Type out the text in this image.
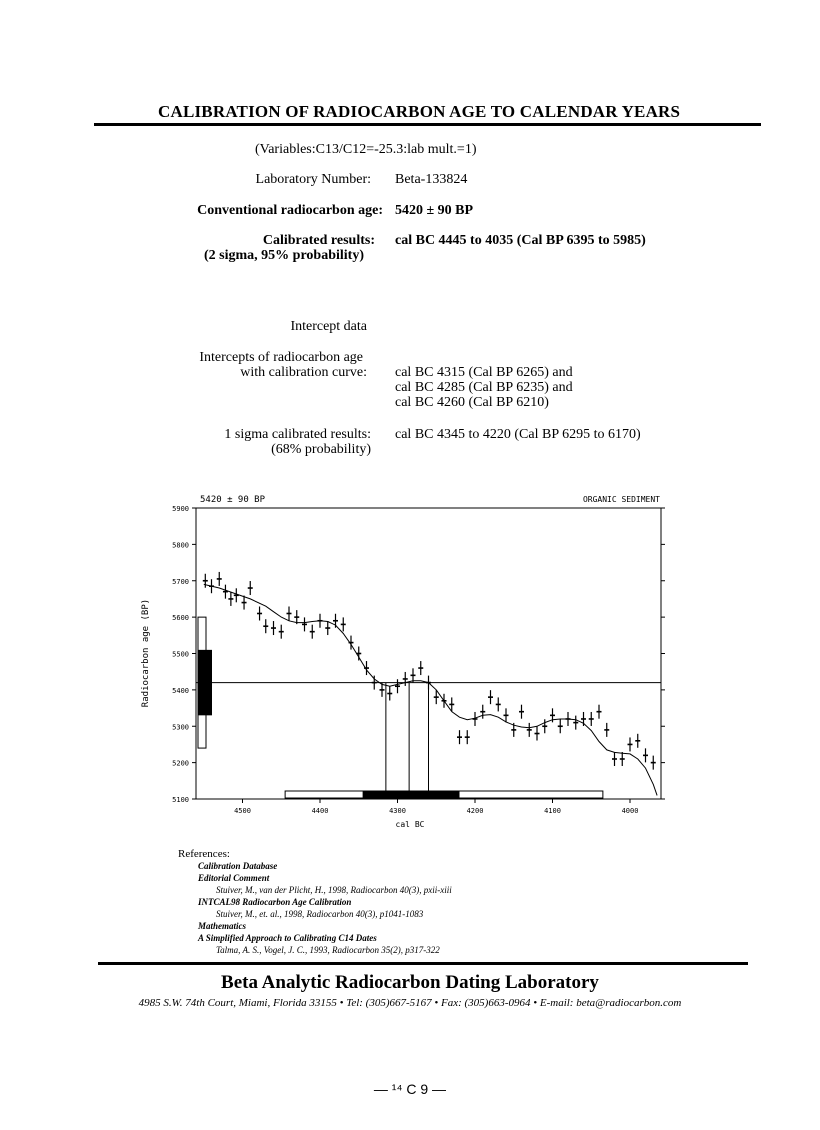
CALIBRATION OF RADIOCARBON AGE TO CALENDAR YEARS
(Variables:C13/C12=-25.3:lab mult.=1)
Laboratory Number: Beta-133824
Conventional radiocarbon age: 5420 ± 90 BP
Calibrated results:
(2 sigma, 95% probability)
cal BC 4445 to 4035 (Cal BP 6395 to 5985)
Intercept data
Intercepts of radiocarbon age
with calibration curve: cal BC 4315 (Cal BP 6265) and
cal BC 4285 (Cal BP 6235) and
cal BC 4260 (Cal BP 6210)
1 sigma calibrated results:
(68% probability)
cal BC 4345 to 4220 (Cal BP 6295 to 6170)
5420 ± 90 BP	ORGANIC SEDIMENT
cal BC
Radiocarbon age (BP)
5100
5200
5300
5400
5500
5600
5700
5800
5900
4500	4400	4300	4200	4100	4000
References:
Calibration Database
Editorial Comment
Stuiver, M., van der Plicht, H., 1998, Radiocarbon 40(3), pxii-xiii
INTCAL98 Radiocarbon Age Calibration
Stuiver, M., et. al., 1998, Radiocarbon 40(3), p1041-1083
Mathematics
A Simplified Approach to Calibrating C14 Dates
Talma, A. S., Vogel, J. C., 1993, Radiocarbon 35(2), p317-322
Beta Analytic Radiocarbon Dating Laboratory
4985 S.W. 74th Court, Miami, Florida 33155 • Tel: (305)667-5167 • Fax: (305)663-0964 • E-mail: beta@radiocarbon.com
— ¹⁴ C 9 —
